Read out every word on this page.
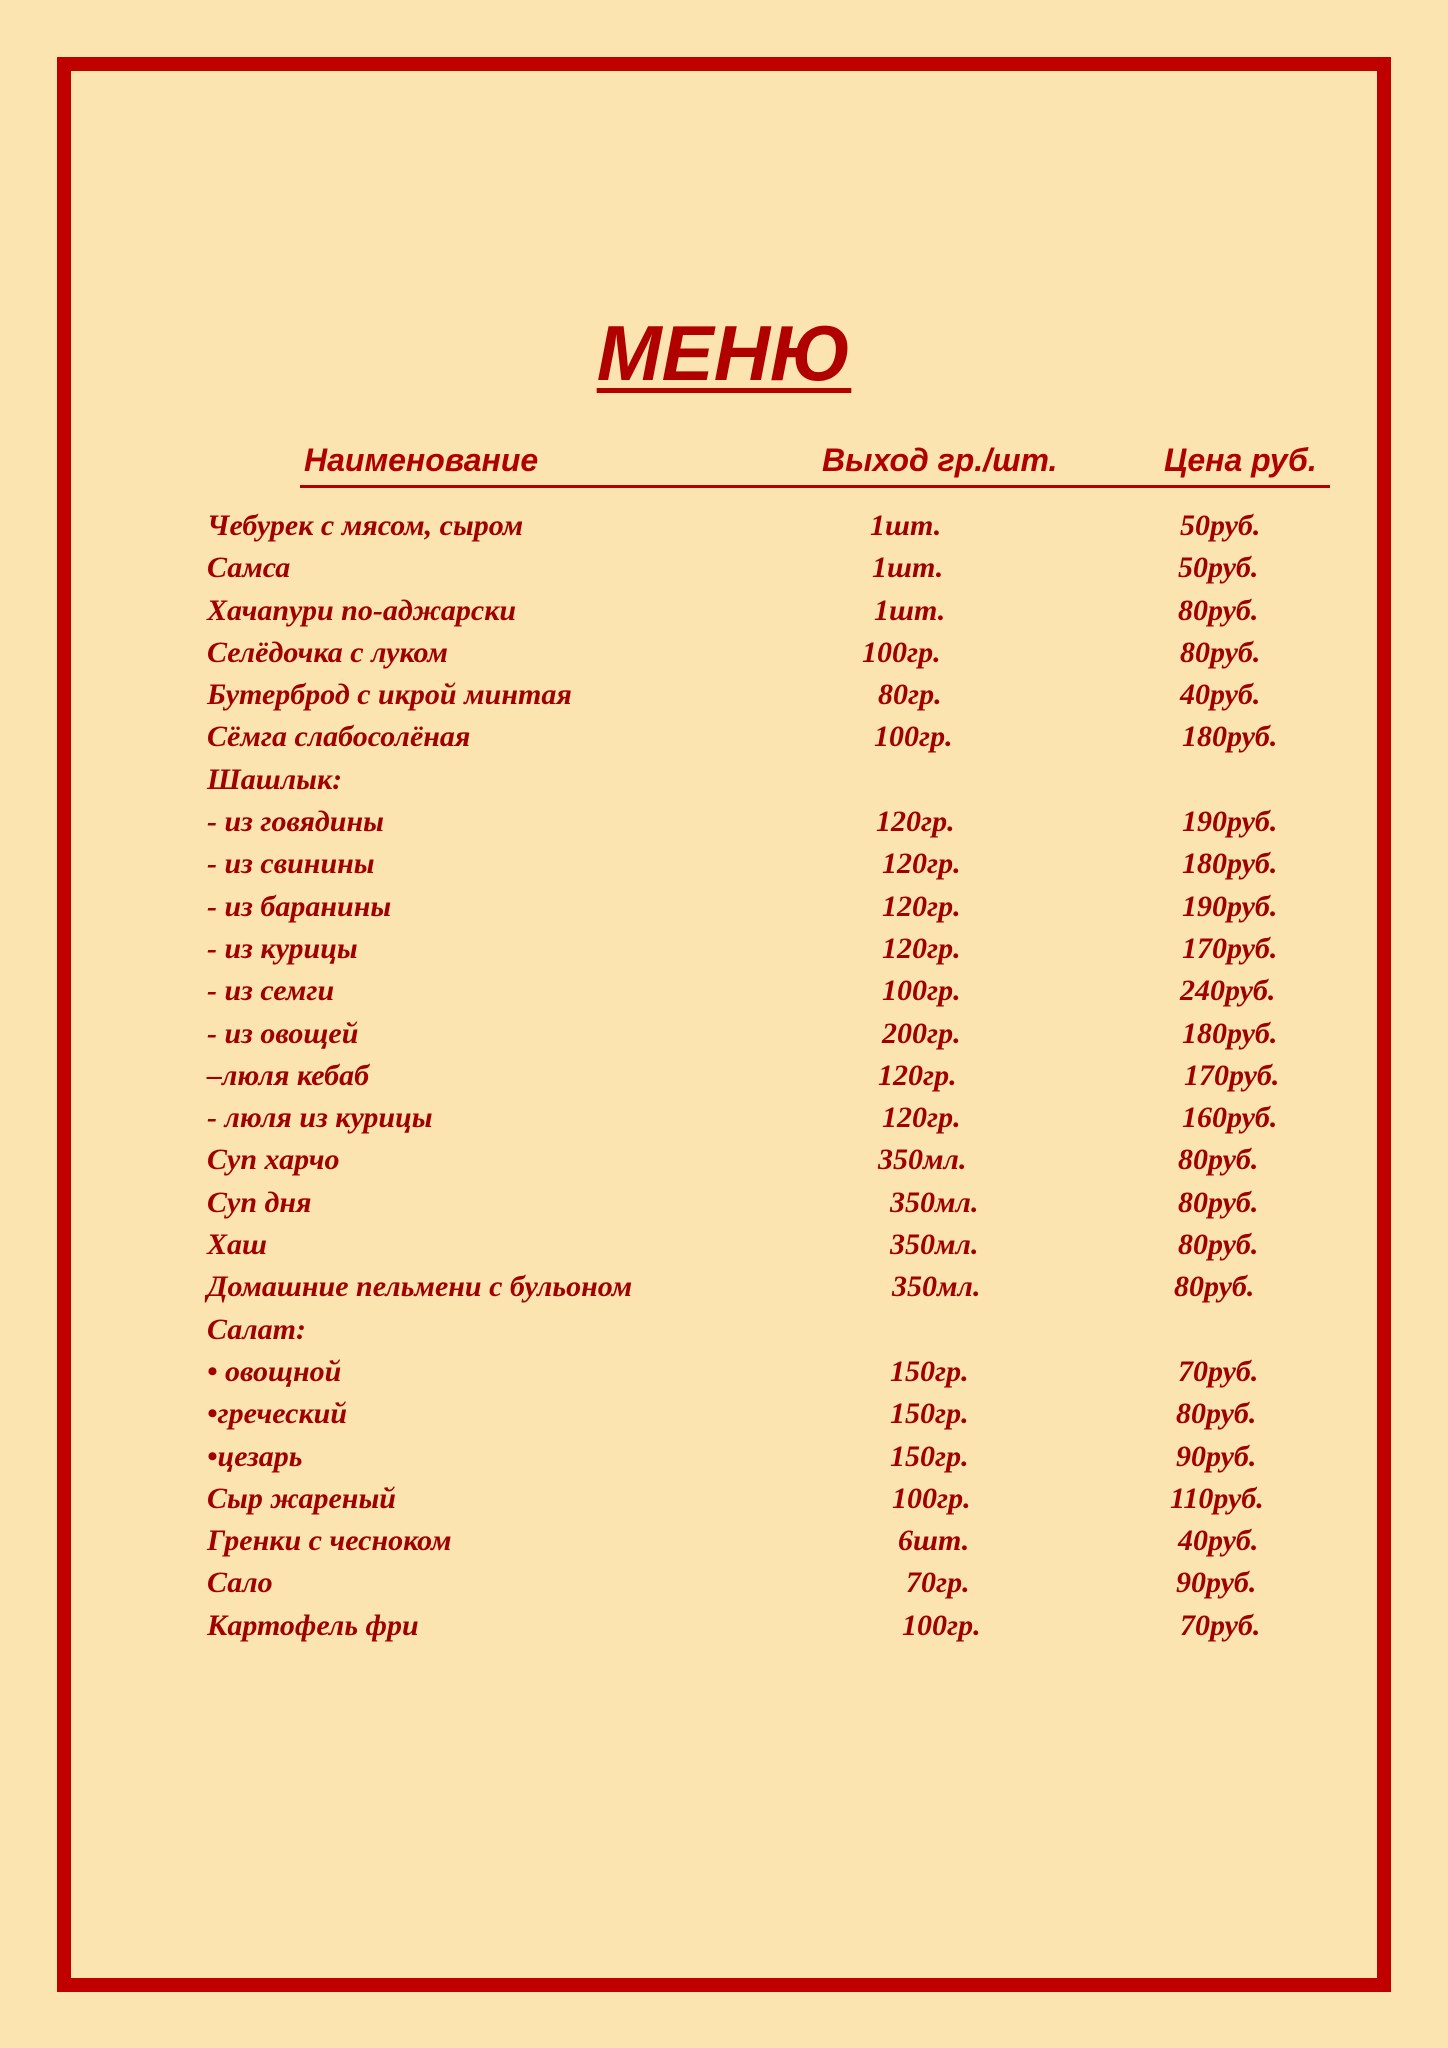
МЕНЮ
Наименование	Выход гр./шт.	Цена руб.
Чебурек с мясом, сыром	1шт.	50руб.
Самса	1шт.	50руб.
Хачапури по-аджарски	1шт.	80руб.
Селёдочка с луком	100гр.	80руб.
Бутерброд с икрой минтая	80гр.	40руб.
Сёмга слабосолёная	100гр.	180руб.
Шашлык:
- из говядины	120гр.	190руб.
- из свинины	120гр.	180руб.
- из баранины	120гр.	190руб.
- из курицы	120гр.	170руб.
- из семги	100гр.	240руб.
- из овощей	200гр.	180руб.
–люля кебаб	120гр.	170руб.
- люля из курицы	120гр.	160руб.
Суп харчо	350мл.	80руб.
Суп дня	350мл.	80руб.
Хаш	350мл.	80руб.
Домашние пельмени с бульоном	350мл.	80руб.
Салат:
• овощной	150гр.	70руб.
•греческий	150гр.	80руб.
•цезарь	150гр.	90руб.
Сыр жареный	100гр.	110руб.
Гренки с чесноком	6шт.	40руб.
Сало	70гр.	90руб.
Картофель фри	100гр.	70руб.
